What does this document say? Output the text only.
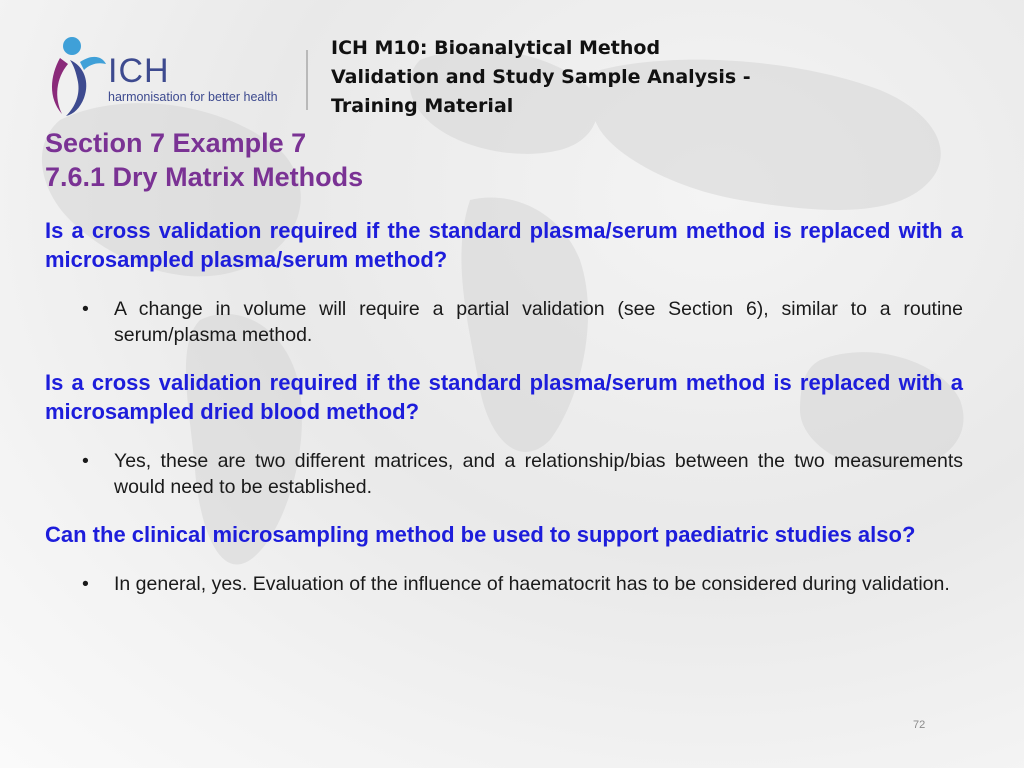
ICH
harmonisation for better health
ICH M10: Bioanalytical Method
Validation and Study Sample Analysis -
Training Material
Section 7 Example 7
7.6.1 Dry Matrix Methods

Is a cross validation required if the standard plasma/serum method is replaced with a microsampled plasma/serum method?

• A change in volume will require a partial validation (see Section 6), similar to a routine serum/plasma method.

Is a cross validation required if the standard plasma/serum method is replaced with a microsampled dried blood method?

• Yes, these are two different matrices, and a relationship/bias between the two measurements would need to be established.

Can the clinical microsampling method be used to support paediatric studies also?

• In general, yes. Evaluation of the influence of haematocrit has to be considered during validation.
72
